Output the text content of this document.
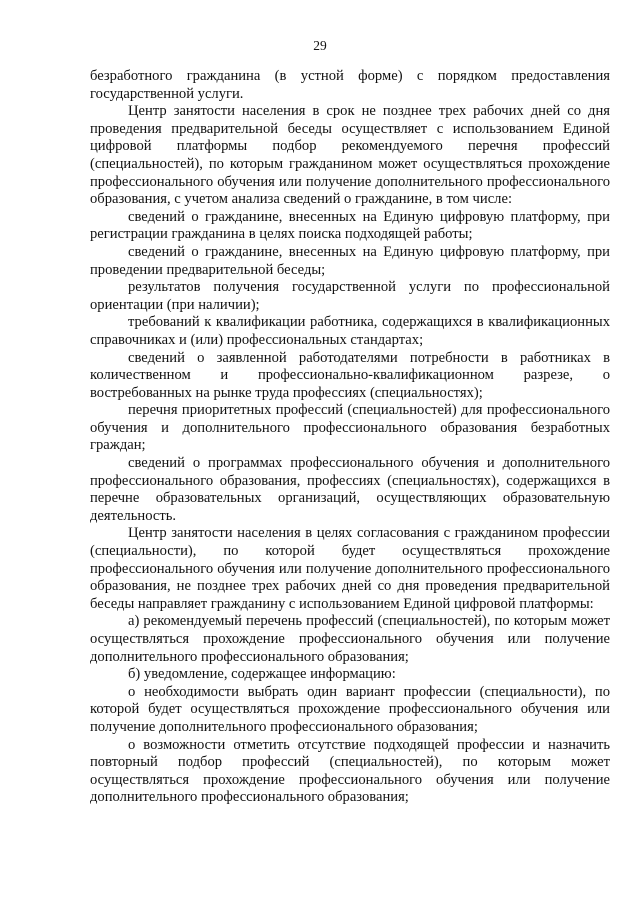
29

безработного гражданина (в устной форме) с порядком предоставления государственной услуги.

Центр занятости населения в срок не позднее трех рабочих дней со дня проведения предварительной беседы осуществляет с использованием Единой цифровой платформы подбор рекомендуемого перечня профессий (специальностей), по которым гражданином может осуществляться прохождение профессионального обучения или получение дополнительного профессионального образования, с учетом анализа сведений о гражданине, в том числе:

сведений о гражданине, внесенных на Единую цифровую платформу, при регистрации гражданина в целях поиска подходящей работы;

сведений о гражданине, внесенных на Единую цифровую платформу, при проведении предварительной беседы;

результатов получения государственной услуги по профессиональной ориентации (при наличии);

требований к квалификации работника, содержащихся в квалификационных справочниках и (или) профессиональных стандартах;

сведений о заявленной работодателями потребности в работниках в количественном и профессионально-квалификационном разрезе, о востребованных на рынке труда профессиях (специальностях);

перечня приоритетных профессий (специальностей) для профессионального обучения и дополнительного профессионального образования безработных граждан;

сведений о программах профессионального обучения и дополнительного профессионального образования, профессиях (специальностях), содержащихся в перечне образовательных организаций, осуществляющих образовательную деятельность.

Центр занятости населения в целях согласования с гражданином профессии (специальности), по которой будет осуществляться прохождение профессионального обучения или получение дополнительного профессионального образования, не позднее трех рабочих дней со дня проведения предварительной беседы направляет гражданину с использованием Единой цифровой платформы:

а) рекомендуемый перечень профессий (специальностей), по которым может осуществляться прохождение профессионального обучения или получение дополнительного профессионального образования;

б) уведомление, содержащее информацию:

о необходимости выбрать один вариант профессии (специальности), по которой будет осуществляться прохождение профессионального обучения или получение дополнительного профессионального образования;

о возможности отметить отсутствие подходящей профессии и назначить повторный подбор профессий (специальностей), по которым может осуществляться прохождение профессионального обучения или получение дополнительного профессионального образования;
